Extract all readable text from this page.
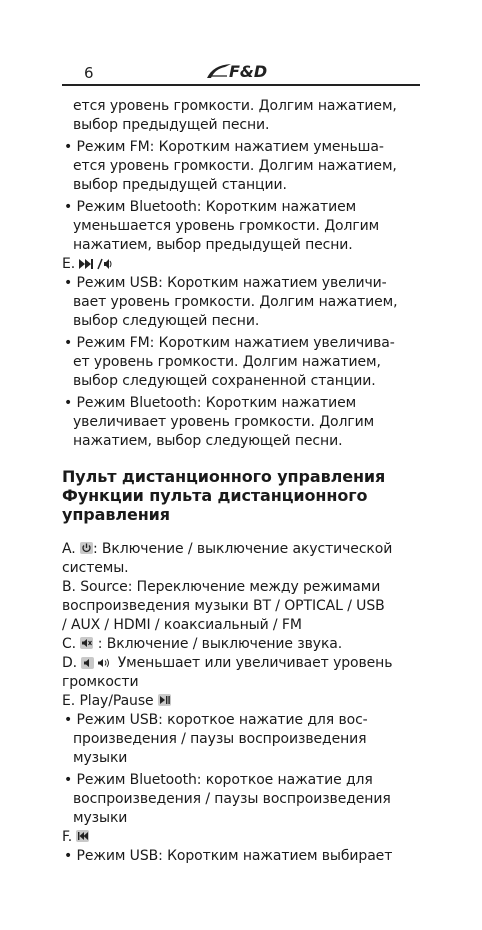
6	F&D
ется уровень громкости. Долгим нажатием,
выбор предыдущей песни.
• Режим FM: Коротким нажатием уменьша-
ется уровень громкости. Долгим нажатием,
выбор предыдущей станции.
• Режим Bluetooth: Коротким нажатием
уменьшается уровень громкости. Долгим
нажатием, выбор предыдущей песни.
E.
• Режим USB: Коротким нажатием увеличи-
вает уровень громкости. Долгим нажатием,
выбор следующей песни.
• Режим FM: Коротким нажатием увеличива-
ет уровень громкости. Долгим нажатием,
выбор следующей сохраненной станции.
• Режим Bluetooth: Коротким нажатием
увеличивает уровень громкости. Долгим
нажатием, выбор следующей песни.
Пульт дистанционного управления
Функции пульта дистанционного
управления
A.
: Включение / выключение акустической
системы.
B. Source: Переключение между режимами
воспроизведения музыки BT / OPTICAL / USB
/ AUX / HDMI / коаксиальный / FM
C.
: Включение / выключение звука.
D.  Уменьшает или увеличивает уровень
громкости
E. Play/Pause
• Режим USB: короткое нажатие для вос-
произведения / паузы воспроизведения
музыки
• Режим Bluetooth: короткое нажатие для
воспроизведения / паузы воспроизведения
музыки
F.
• Режим USB: Коротким нажатием выбирает
